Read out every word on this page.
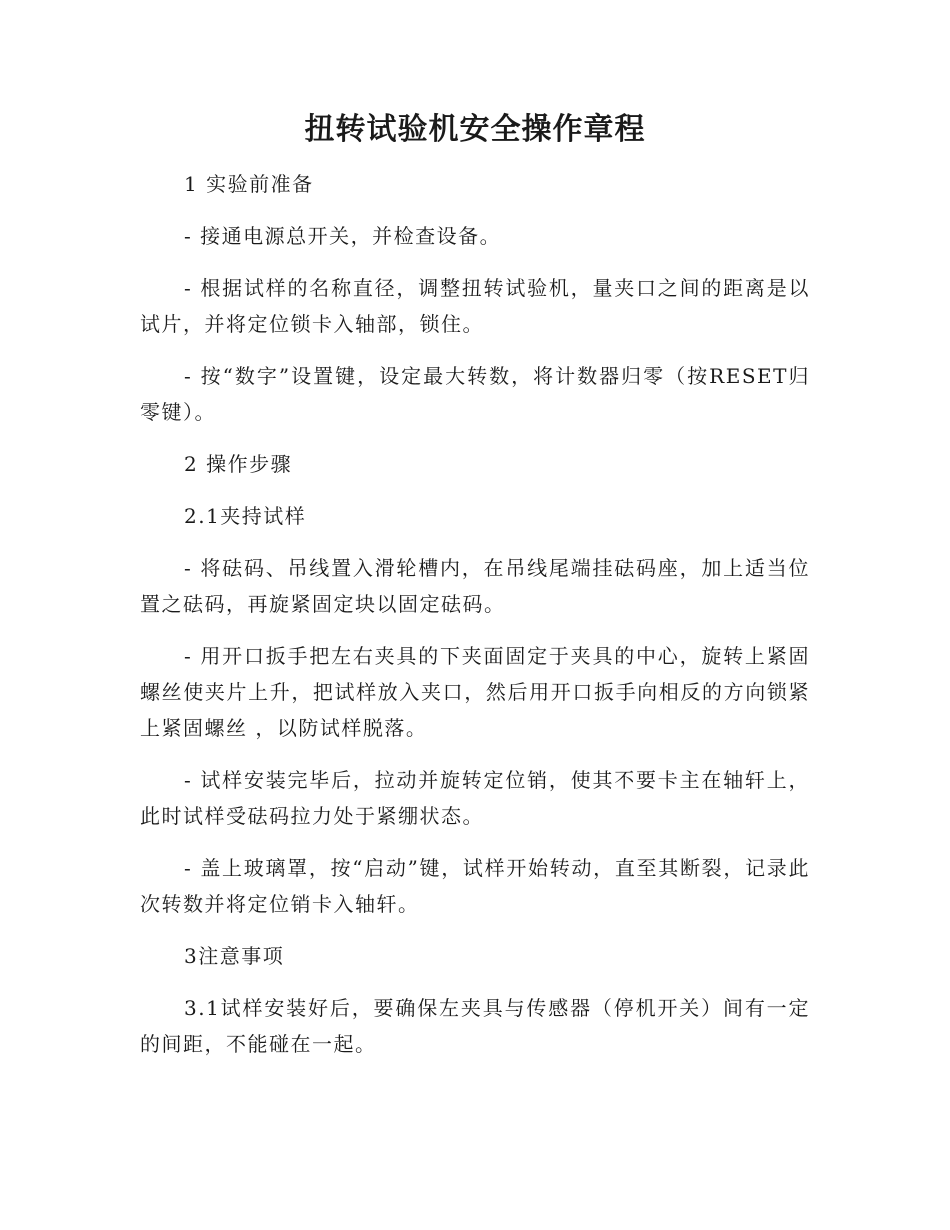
扭转试验机安全操作章程

1 实验前准备

- 接通电源总开关，并检查设备。

- 根据试样的名称直径，调整扭转试验机，量夹口之间的距离是以试片，并将定位锁卡入轴部，锁住。

- 按“数字”设置键，设定最大转数，将计数器归零（按RESET归零键）。

2 操作步骤

2.1夹持试样

- 将砝码、吊线置入滑轮槽内，在吊线尾端挂砝码座，加上适当位置之砝码，再旋紧固定块以固定砝码。

- 用开口扳手把左右夹具的下夹面固定于夹具的中心，旋转上紧固螺丝使夹片上升，把试样放入夹口，然后用开口扳手向相反的方向锁紧上紧固螺丝 ，以防试样脱落。

- 试样安装完毕后，拉动并旋转定位销，使其不要卡主在轴轩上，此时试样受砝码拉力处于紧绷状态。

- 盖上玻璃罩，按“启动”键，试样开始转动，直至其断裂，记录此次转数并将定位销卡入轴轩。

3注意事项

3.1试样安装好后，要确保左夹具与传感器（停机开关）间有一定的间距，不能碰在一起。
